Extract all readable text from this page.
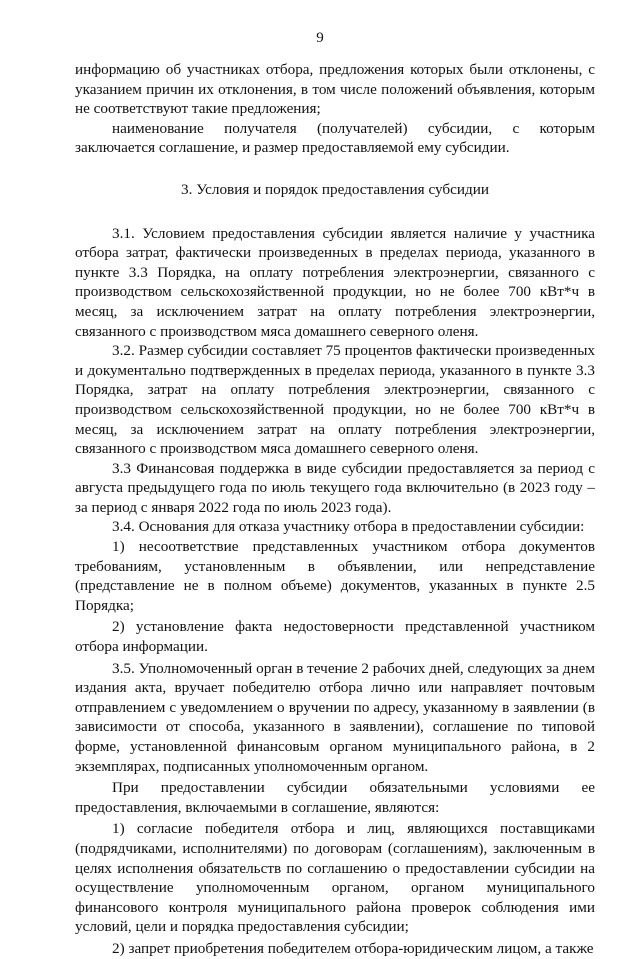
9

информацию об участниках отбора, предложения которых были отклонены, с указанием причин их отклонения, в том числе положений объявления, которым не соответствуют такие предложения;

наименование получателя (получателей) субсидии, с которым заключается соглашение, и размер предоставляемой ему субсидии.

3. Условия и порядок предоставления субсидии

3.1. Условием предоставления субсидии является наличие у участника отбора затрат, фактически произведенных в пределах периода, указанного в пункте 3.3 Порядка, на оплату потребления электроэнергии, связанного с производством сельскохозяйственной продукции, но не более 700 кВт*ч в месяц, за исключением затрат на оплату потребления электроэнергии, связанного с производством мяса домашнего северного оленя.

3.2. Размер субсидии составляет 75 процентов фактически произведенных и документально подтвержденных в пределах периода, указанного в пункте 3.3 Порядка, затрат на оплату потребления электроэнергии, связанного с производством сельскохозяйственной продукции, но не более 700 кВт*ч в месяц, за исключением затрат на оплату потребления электроэнергии, связанного с производством мяса домашнего северного оленя.

3.3 Финансовая поддержка в виде субсидии предоставляется за период с августа предыдущего года по июль текущего года включительно (в 2023 году – за период с января 2022 года по июль 2023 года).

3.4. Основания для отказа участнику отбора в предоставлении субсидии:

1) несоответствие представленных участником отбора документов требованиям, установленным в объявлении, или непредставление (представление не в полном объеме) документов, указанных в пункте 2.5 Порядка;

2) установление факта недостоверности представленной участником отбора информации.

3.5. Уполномоченный орган в течение 2 рабочих дней, следующих за днем издания акта, вручает победителю отбора лично или направляет почтовым отправлением с уведомлением о вручении по адресу, указанному в заявлении (в зависимости от способа, указанного в заявлении), соглашение по типовой форме, установленной финансовым органом муниципального района, в 2 экземплярах, подписанных уполномоченным органом.

При предоставлении субсидии обязательными условиями ее предоставления, включаемыми в соглашение, являются:

1) согласие победителя отбора и лиц, являющихся поставщиками (подрядчиками, исполнителями) по договорам (соглашениям), заключенным в целях исполнения обязательств по соглашению о предоставлении субсидии на осуществление уполномоченным органом, органом муниципального финансового контроля муниципального района проверок соблюдения ими условий, цели и порядка предоставления субсидии;

2) запрет приобретения победителем отбора-юридическим лицом, а также
